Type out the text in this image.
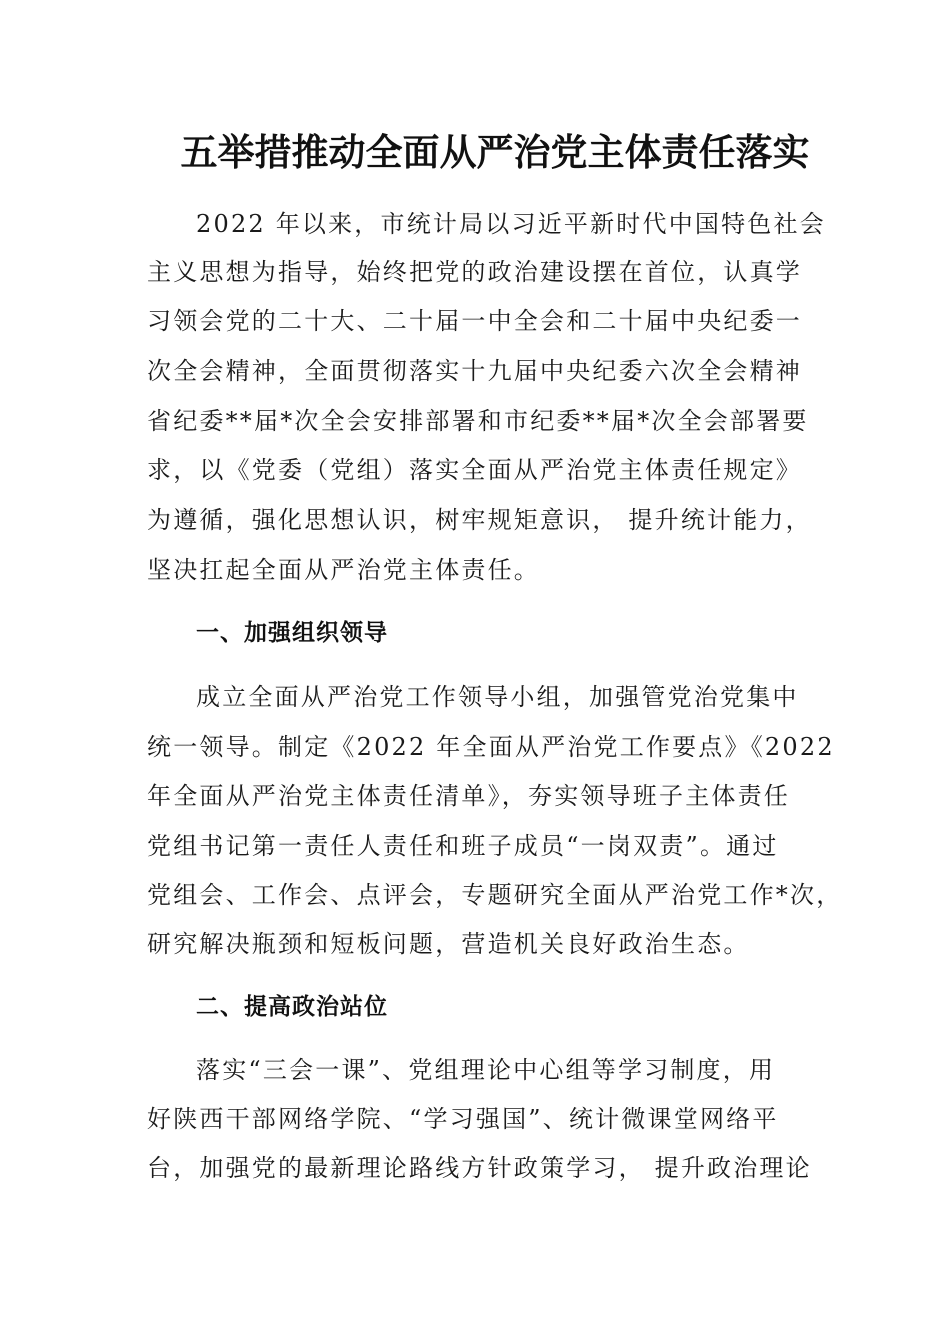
五举措推动全面从严治党主体责任落实
2022 年以来，市统计局以习近平新时代中国特色社会
主义思想为指导，始终把党的政治建设摆在首位，认真学
习领会党的二十大、二十届一中全会和二十届中央纪委一
次全会精神，全面贯彻落实十九届中央纪委六次全会精神
省纪委**届*次全会安排部署和市纪委**届*次全会部署要
求，以《党委（党组）落实全面从严治党主体责任规定》
为遵循，强化思想认识，树牢规矩意识， 提升统计能力，
坚决扛起全面从严治党主体责任。
一、加强组织领导
成立全面从严治党工作领导小组，加强管党治党集中
统一领导。制定《2022 年全面从严治党工作要点》《2022
年全面从严治党主体责任清单》，夯实领导班子主体责任
党组书记第一责任人责任和班子成员“一岗双责”。通过
党组会、工作会、点评会，专题研究全面从严治党工作*次，
研究解决瓶颈和短板问题，营造机关良好政治生态。
二、提高政治站位
落实“三会一课”、党组理论中心组等学习制度，用
好陕西干部网络学院、“学习强国”、统计微课堂网络平
台，加强党的最新理论路线方针政策学习， 提升政治理论
